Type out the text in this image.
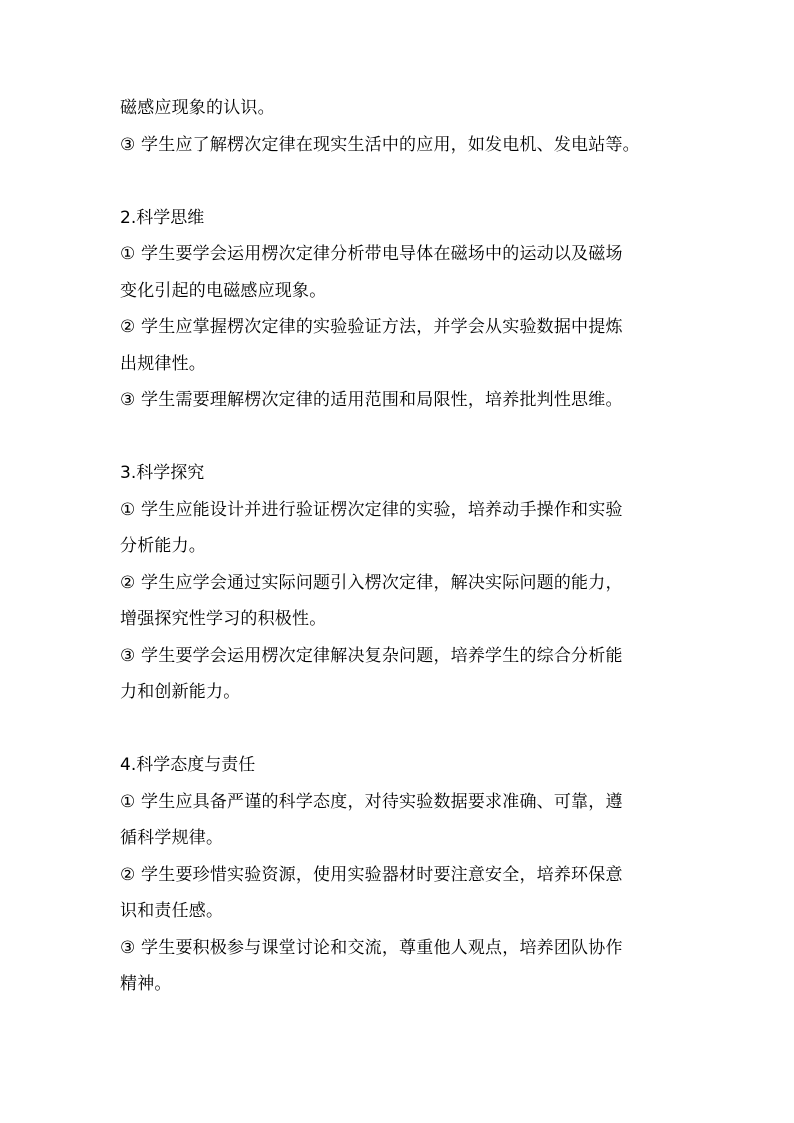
磁感应现象的认识。
③ 学生应了解楞次定律在现实生活中的应用，如发电机、发电站等。
2.科学思维
① 学生要学会运用楞次定律分析带电导体在磁场中的运动以及磁场
变化引起的电磁感应现象。
② 学生应掌握楞次定律的实验验证方法，并学会从实验数据中提炼
出规律性。
③ 学生需要理解楞次定律的适用范围和局限性，培养批判性思维。
3.科学探究
① 学生应能设计并进行验证楞次定律的实验，培养动手操作和实验
分析能力。
② 学生应学会通过实际问题引入楞次定律，解决实际问题的能力，
增强探究性学习的积极性。
③ 学生要学会运用楞次定律解决复杂问题，培养学生的综合分析能
力和创新能力。
4.科学态度与责任
① 学生应具备严谨的科学态度，对待实验数据要求准确、可靠，遵
循科学规律。
② 学生要珍惜实验资源，使用实验器材时要注意安全，培养环保意
识和责任感。
③ 学生要积极参与课堂讨论和交流，尊重他人观点，培养团队协作
精神。
